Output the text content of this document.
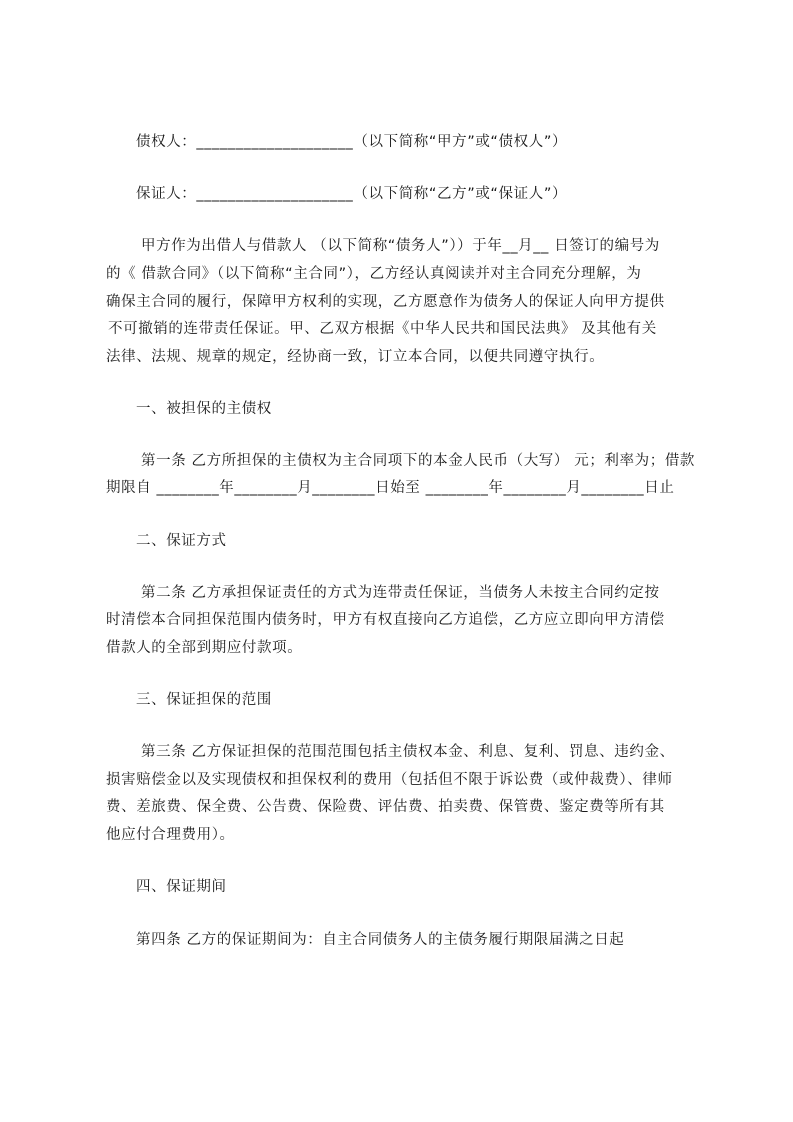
债权人：____________________（以下简称“甲方”或“债权人”）
保证人：____________________（以下简称“乙方”或“保证人”）
甲方作为出借人与借款人 （以下简称“债务人”））于年__月__ 日签订的编号为
的《 借款合同》（以下简称“主合同”），乙方经认真阅读并对主合同充分理解，为
确保主合同的履行，保障甲方权利的实现，乙方愿意作为债务人的保证人向甲方提供
不可撤销的连带责任保证。甲、乙双方根据《中华人民共和国民法典》 及其他有关
法律、法规、规章的规定，经协商一致，订立本合同，以便共同遵守执行。
一、被担保的主债权
第一条 乙方所担保的主债权为主合同项下的本金人民币（大写） 元；利率为；借款
期限自 ________年________月________日始至 ________年________月________日止
二、保证方式
第二条 乙方承担保证责任的方式为连带责任保证，当债务人未按主合同约定按
时清偿本合同担保范围内债务时，甲方有权直接向乙方追偿，乙方应立即向甲方清偿
借款人的全部到期应付款项。
三、保证担保的范围
第三条 乙方保证担保的范围范围包括主债权本金、利息、复利、罚息、违约金、
损害赔偿金以及实现债权和担保权利的费用（包括但不限于诉讼费（或仲裁费）、律师
费、差旅费、保全费、公告费、保险费、评估费、拍卖费、保管费、鉴定费等所有其
他应付合理费用）。
四、保证期间
第四条 乙方的保证期间为：自主合同债务人的主债务履行期限届满之日起
